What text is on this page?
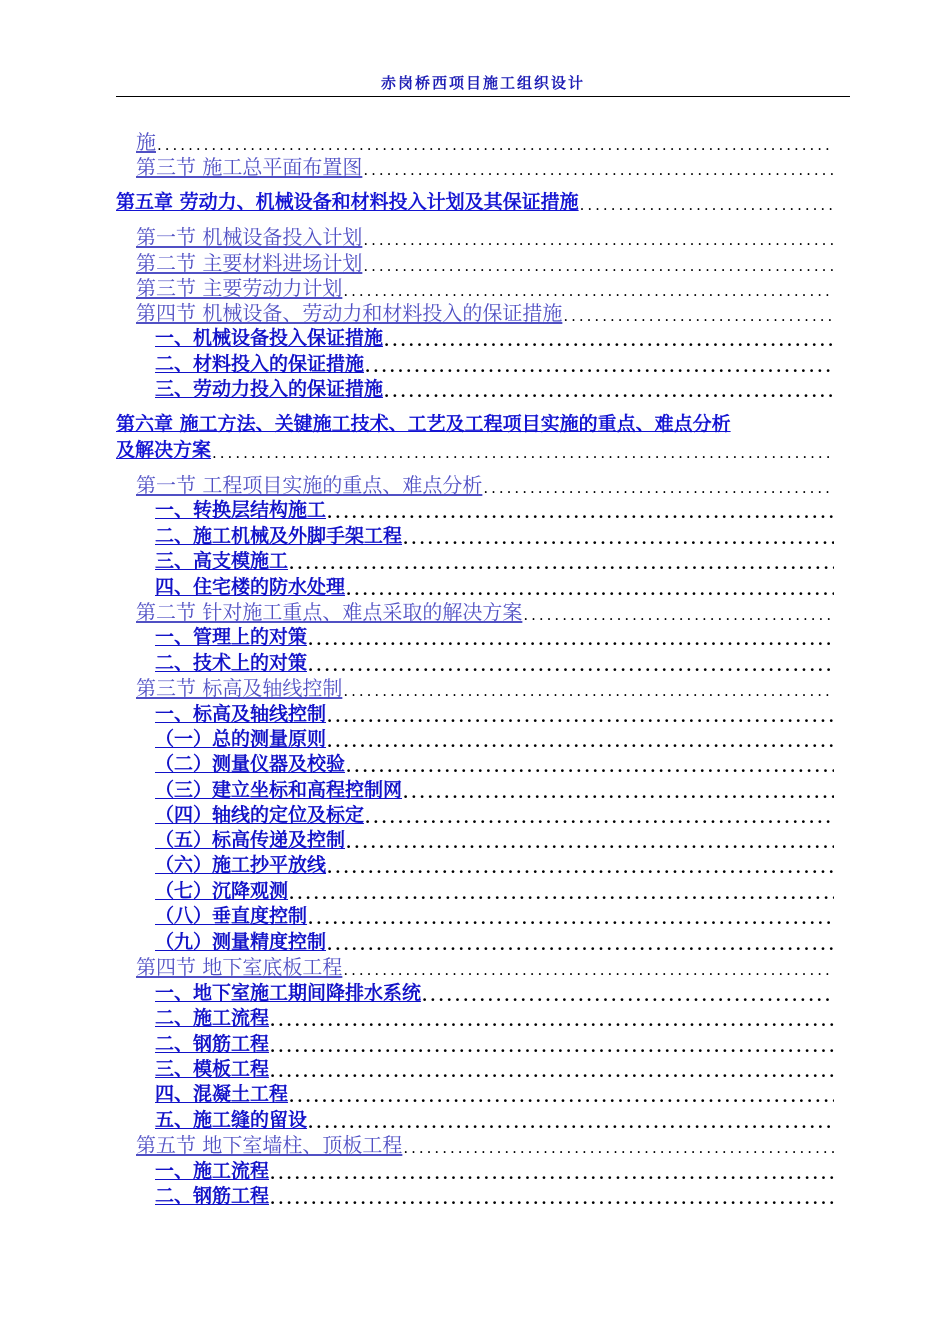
赤岗桥西项目施工组织设计
施
.....
第三节 施工总平面布置图
.....
第五章 劳动力、机械设备和材料投入计划及其保证措施
.....
第一节 机械设备投入计划
.....
第二节 主要材料进场计划
.....
第三节 主要劳动力计划
.....
第四节 机械设备、劳动力和材料投入的保证措施
.....
一、机械设备投入保证措施
.....
二、材料投入的保证措施
.....
三、劳动力投入的保证措施
.....
第六章 施工方法、关键施工技术、工艺及工程项目实施的重点、难点分析
及解决方案
.....
第一节 工程项目实施的重点、难点分析
.....
一、转换层结构施工
.....
二、施工机械及外脚手架工程
.....
三、高支模施工
.....
四、住宅楼的防水处理
.....
第二节 针对施工重点、难点采取的解决方案
.....
一、管理上的对策
.....
二、技术上的对策
.....
第三节 标高及轴线控制
.....
一、标高及轴线控制
.....
（一）总的测量原则
.....
（二）测量仪器及校验
.....
（三）建立坐标和高程控制网
.....
（四）轴线的定位及标定
.....
（五）标高传递及控制
.....
（六）施工抄平放线
.....
（七）沉降观测
.....
（八）垂直度控制
.....
（九）测量精度控制
.....
第四节 地下室底板工程
.....
一、地下室施工期间降排水系统
.....
二、施工流程
.....
二、钢筋工程
.....
三、模板工程
.....
四、混凝土工程
.....
五、施工缝的留设
.....
第五节 地下室墙柱、顶板工程
.....
一、施工流程
.....
二、钢筋工程
.....
